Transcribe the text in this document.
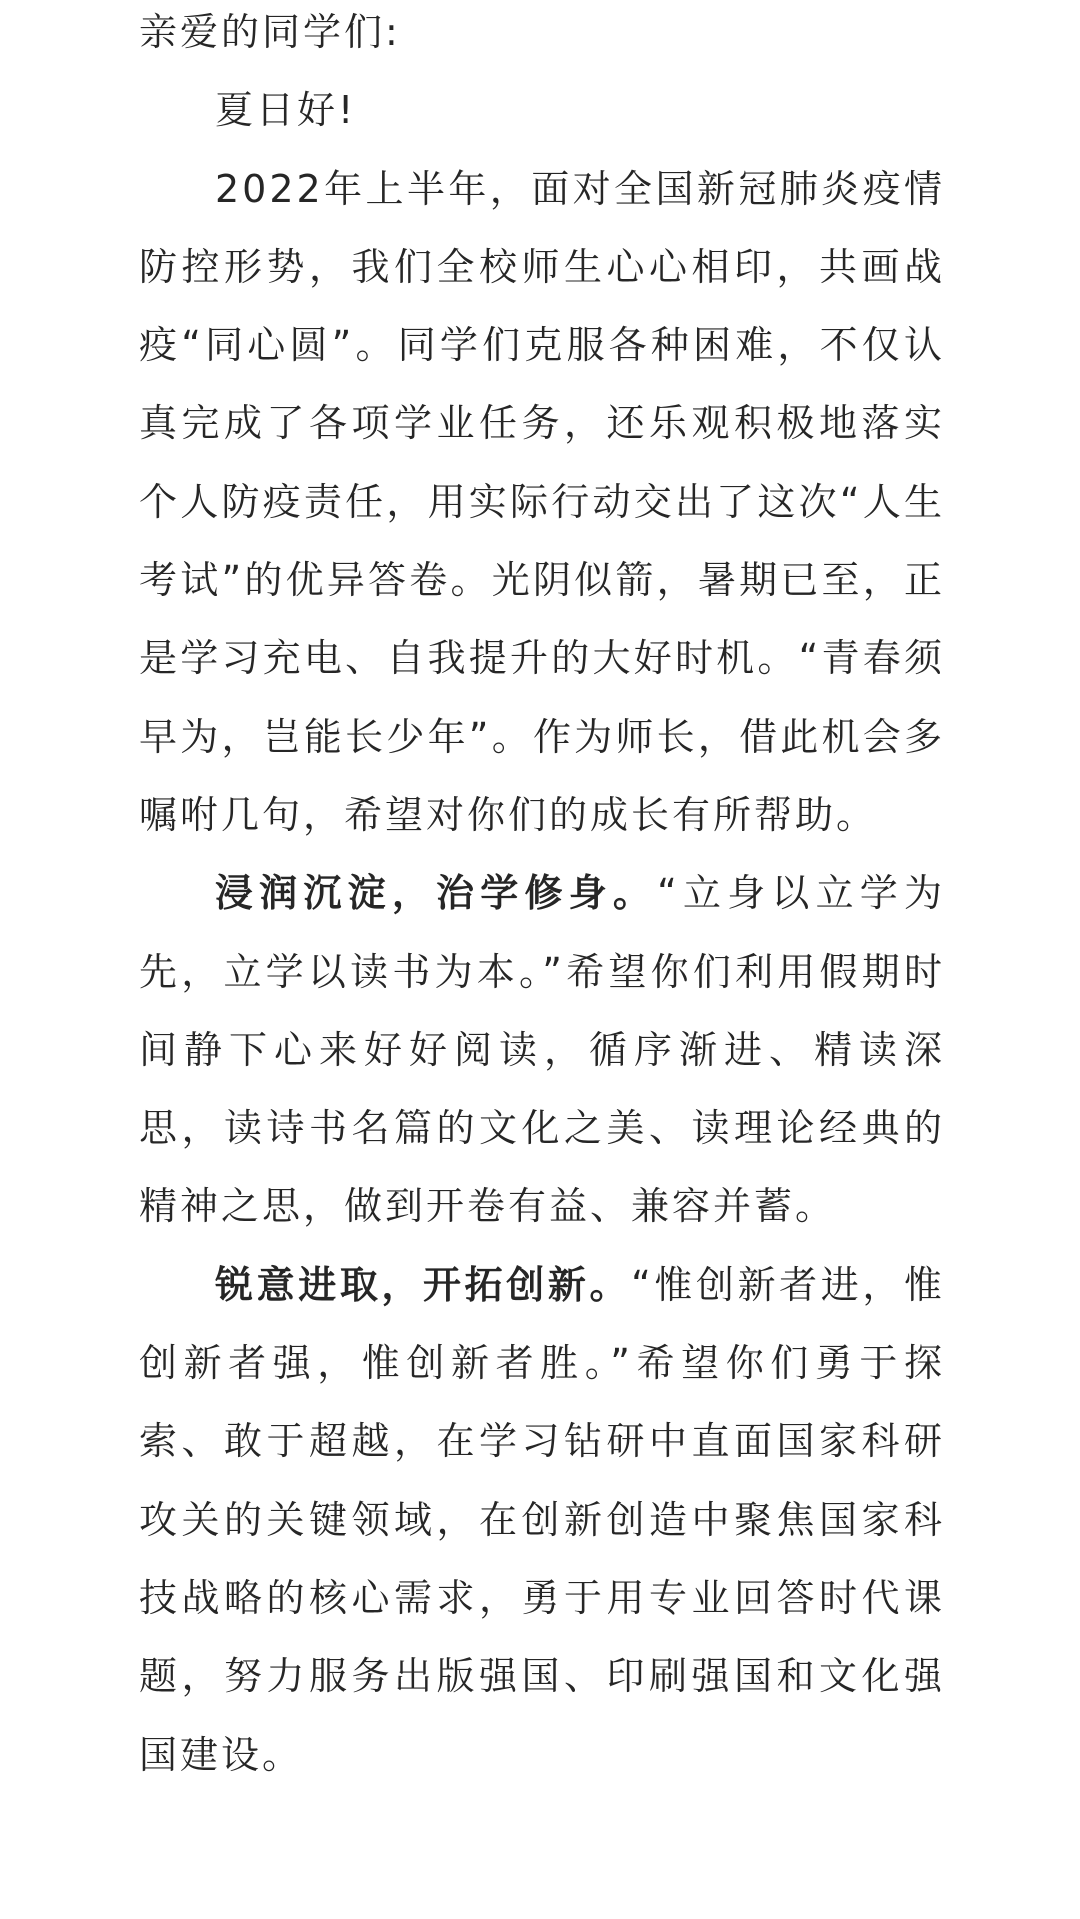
亲爱的同学们:

夏日好!

2022年上半年，面对全国新冠肺炎疫情防控形势，我们全校师生心心相印，共画战疫“同心圆”。同学们克服各种困难，不仅认真完成了各项学业任务，还乐观积极地落实个人防疫责任，用实际行动交出了这次“人生考试”的优异答卷。光阴似箭，暑期已至，正是学习充电、自我提升的大好时机。“青春须早为，岂能长少年”。作为师长，借此机会多嘱咐几句，希望对你们的成长有所帮助。

浸润沉淀，治学修身。“立身以立学为先，立学以读书为本。”希望你们利用假期时间静下心来好好阅读，循序渐进、精读深思，读诗书名篇的文化之美、读理论经典的精神之思，做到开卷有益、兼容并蓄。

锐意进取，开拓创新。“惟创新者进，惟创新者强，惟创新者胜。”希望你们勇于探索、敢于超越，在学习钻研中直面国家科研攻关的关键领域，在创新创造中聚焦国家科技战略的核心需求，勇于用专业回答时代课题，努力服务出版强国、印刷强国和文化强国建设。
